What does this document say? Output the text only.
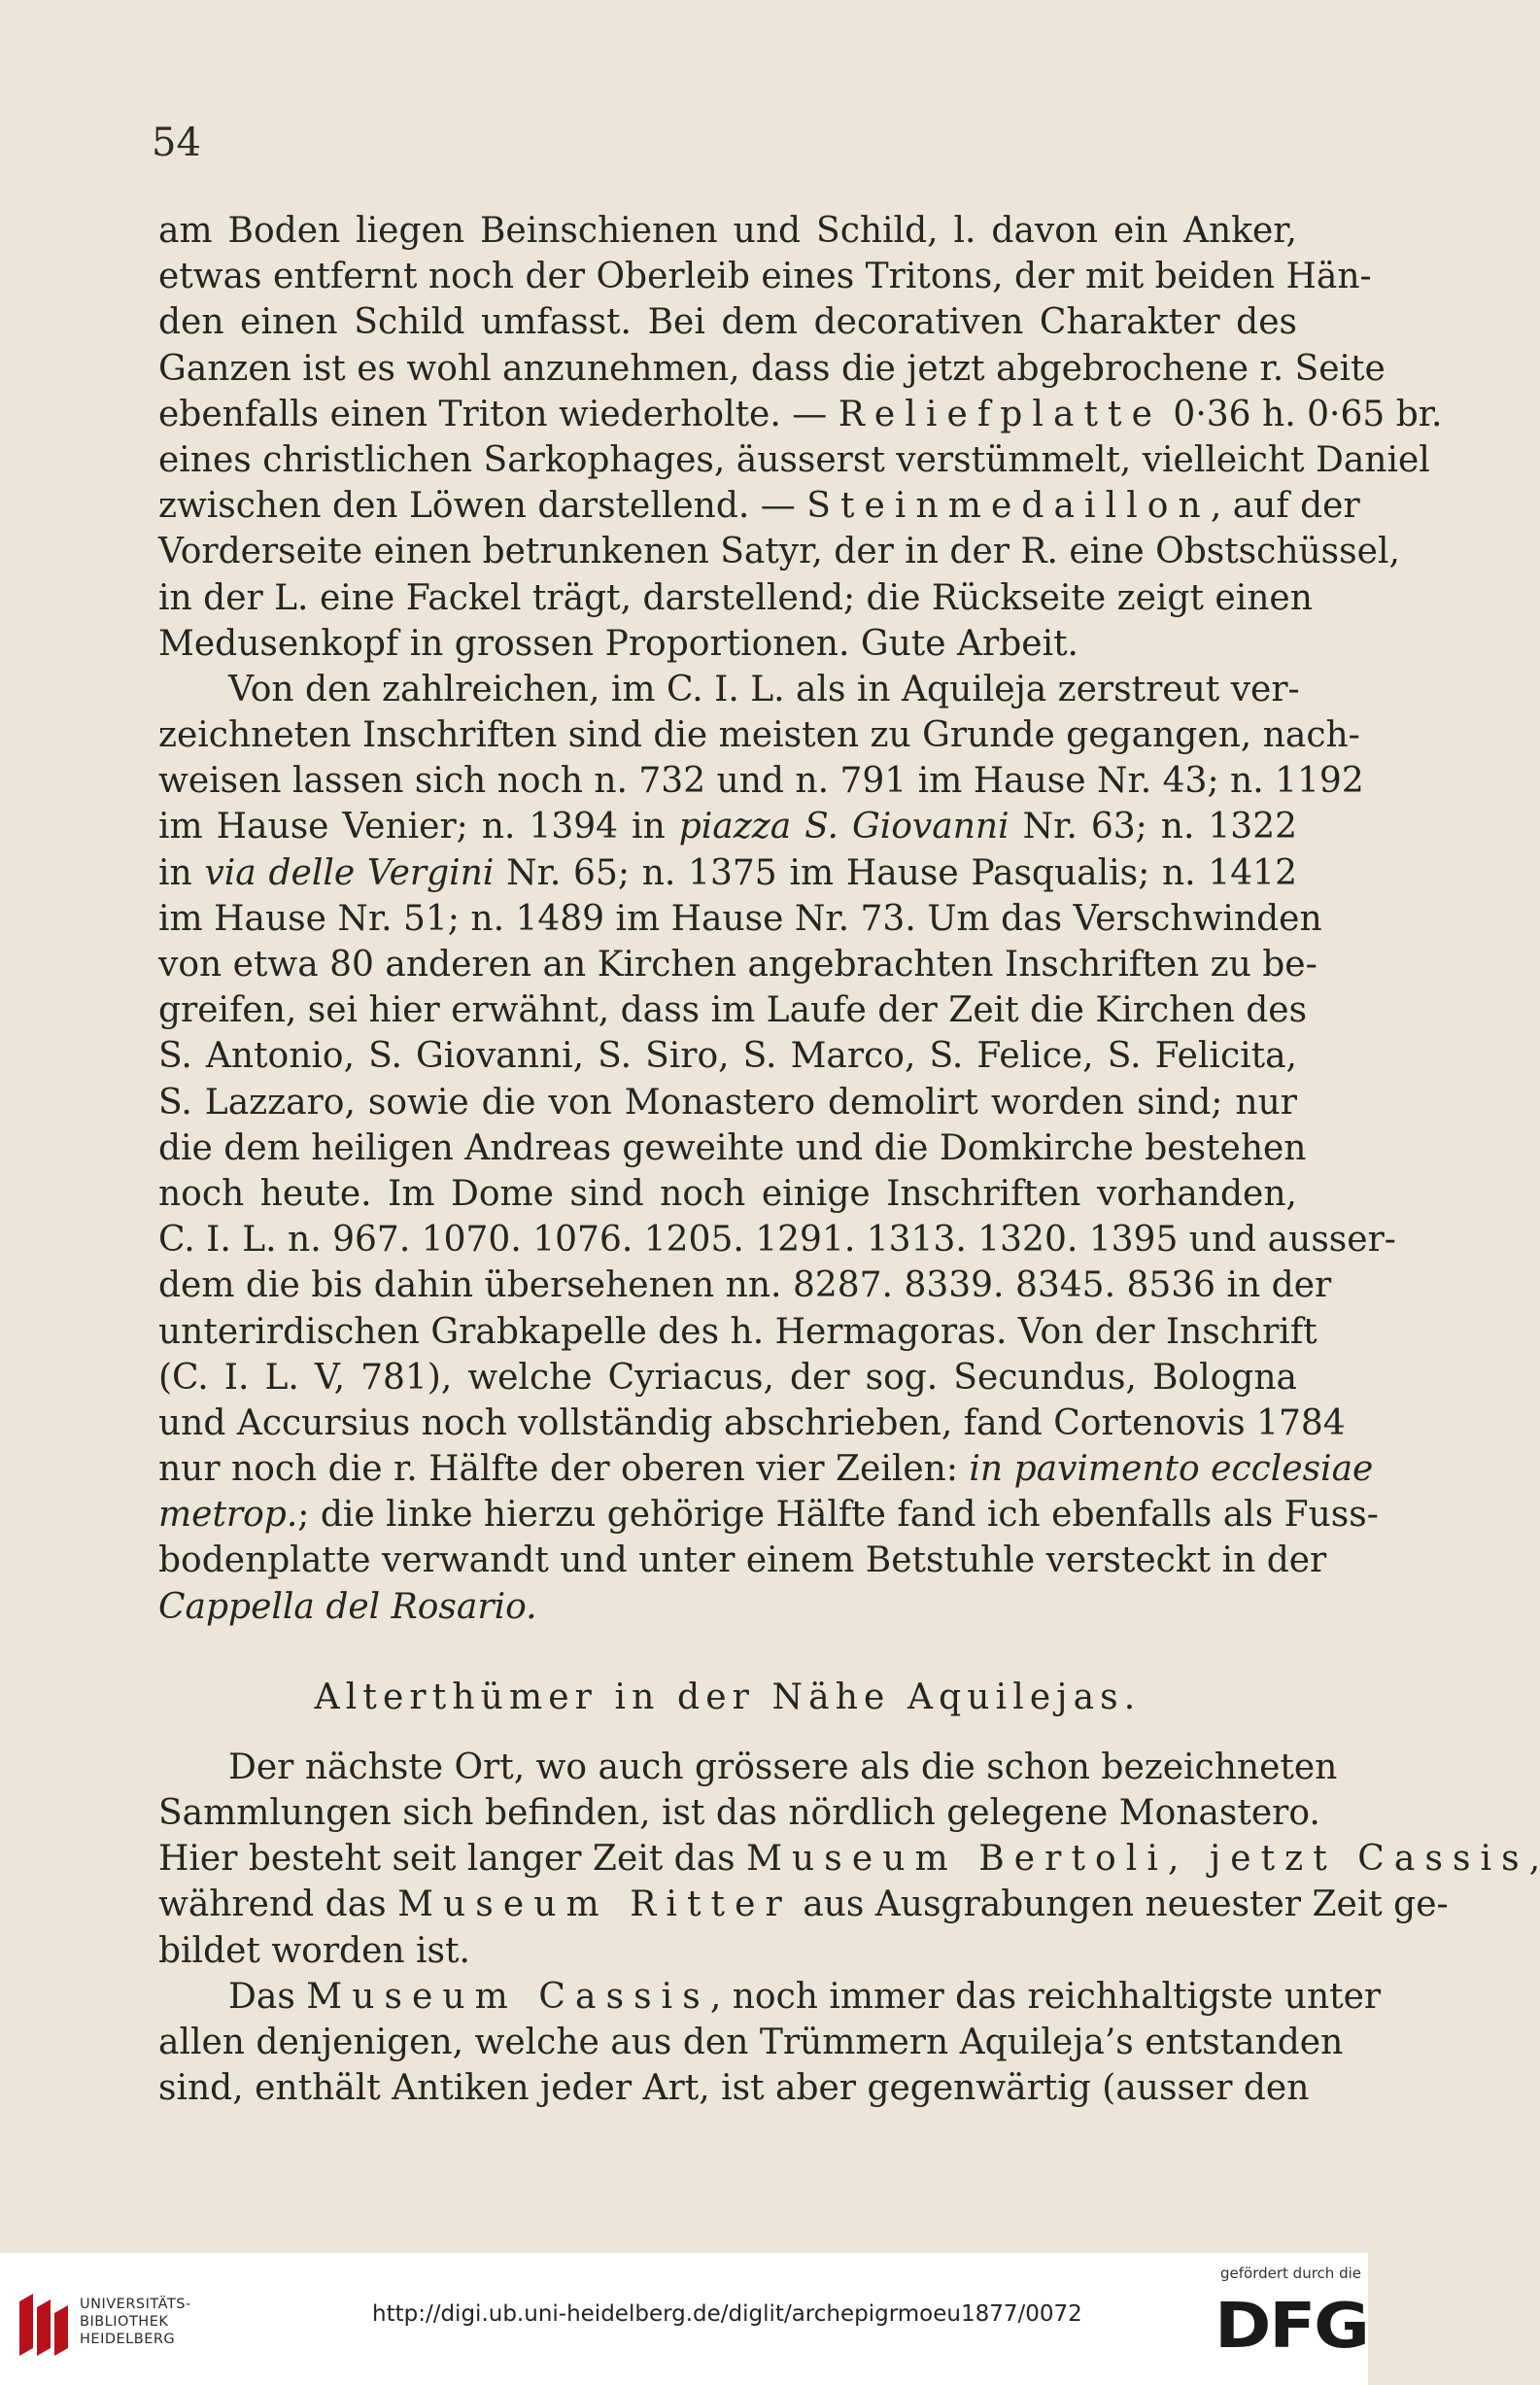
54
am Boden liegen Beinschienen und Schild, l. davon ein Anker,
etwas entfernt noch der Oberleib eines Tritons, der mit beiden Hän-
den einen Schild umfasst. Bei dem decorativen Charakter des
Ganzen ist es wohl anzunehmen, dass die jetzt abgebrochene r. Seite
ebenfalls einen Triton wiederholte. — Reliefplatte 0·36 h. 0·65 br.
eines christlichen Sarkophages, äusserst verstümmelt, vielleicht Daniel
zwischen den Löwen darstellend. — Steinmedaillon, auf der
Vorderseite einen betrunkenen Satyr, der in der R. eine Obstschüssel,
in der L. eine Fackel trägt, darstellend; die Rückseite zeigt einen
Medusenkopf in grossen Proportionen. Gute Arbeit.
Von den zahlreichen, im C. I. L. als in Aquileja zerstreut ver-
zeichneten Inschriften sind die meisten zu Grunde gegangen, nach-
weisen lassen sich noch n. 732 und n. 791 im Hause Nr. 43; n. 1192
im Hause Venier; n. 1394 in piazza S. Giovanni Nr. 63; n. 1322
in via delle Vergini Nr. 65; n. 1375 im Hause Pasqualis; n. 1412
im Hause Nr. 51; n. 1489 im Hause Nr. 73. Um das Verschwinden
von etwa 80 anderen an Kirchen angebrachten Inschriften zu be-
greifen, sei hier erwähnt, dass im Laufe der Zeit die Kirchen des
S. Antonio, S. Giovanni, S. Siro, S. Marco, S. Felice, S. Felicita,
S. Lazzaro, sowie die von Monastero demolirt worden sind; nur
die dem heiligen Andreas geweihte und die Domkirche bestehen
noch heute. Im Dome sind noch einige Inschriften vorhanden,
C. I. L. n. 967. 1070. 1076. 1205. 1291. 1313. 1320. 1395 und ausser-
dem die bis dahin übersehenen nn. 8287. 8339. 8345. 8536 in der
unterirdischen Grabkapelle des h. Hermagoras. Von der Inschrift
(C. I. L. V, 781), welche Cyriacus, der sog. Secundus, Bologna
und Accursius noch vollständig abschrieben, fand Cortenovis 1784
nur noch die r. Hälfte der oberen vier Zeilen: in pavimento ecclesiae
metrop.; die linke hierzu gehörige Hälfte fand ich ebenfalls als Fuss-
bodenplatte verwandt und unter einem Betstuhle versteckt in der
Cappella del Rosario.
Alterthümer in der Nähe Aquilejas.
Der nächste Ort, wo auch grössere als die schon bezeichneten
Sammlungen sich befinden, ist das nördlich gelegene Monastero.
Hier besteht seit langer Zeit das Museum Bertoli, jetzt Cassis,
während das Museum Ritter aus Ausgrabungen neuester Zeit ge-
bildet worden ist.
Das Museum Cassis, noch immer das reichhaltigste unter
allen denjenigen, welche aus den Trümmern Aquileja’s entstanden
sind, enthält Antiken jeder Art, ist aber gegenwärtig (ausser den
UNIVERSITÄTS-
BIBLIOTHEK
HEIDELBERG
http://digi.ub.uni-heidelberg.de/diglit/archepigrmoeu1877/0072
gefördert durch die
DFG
